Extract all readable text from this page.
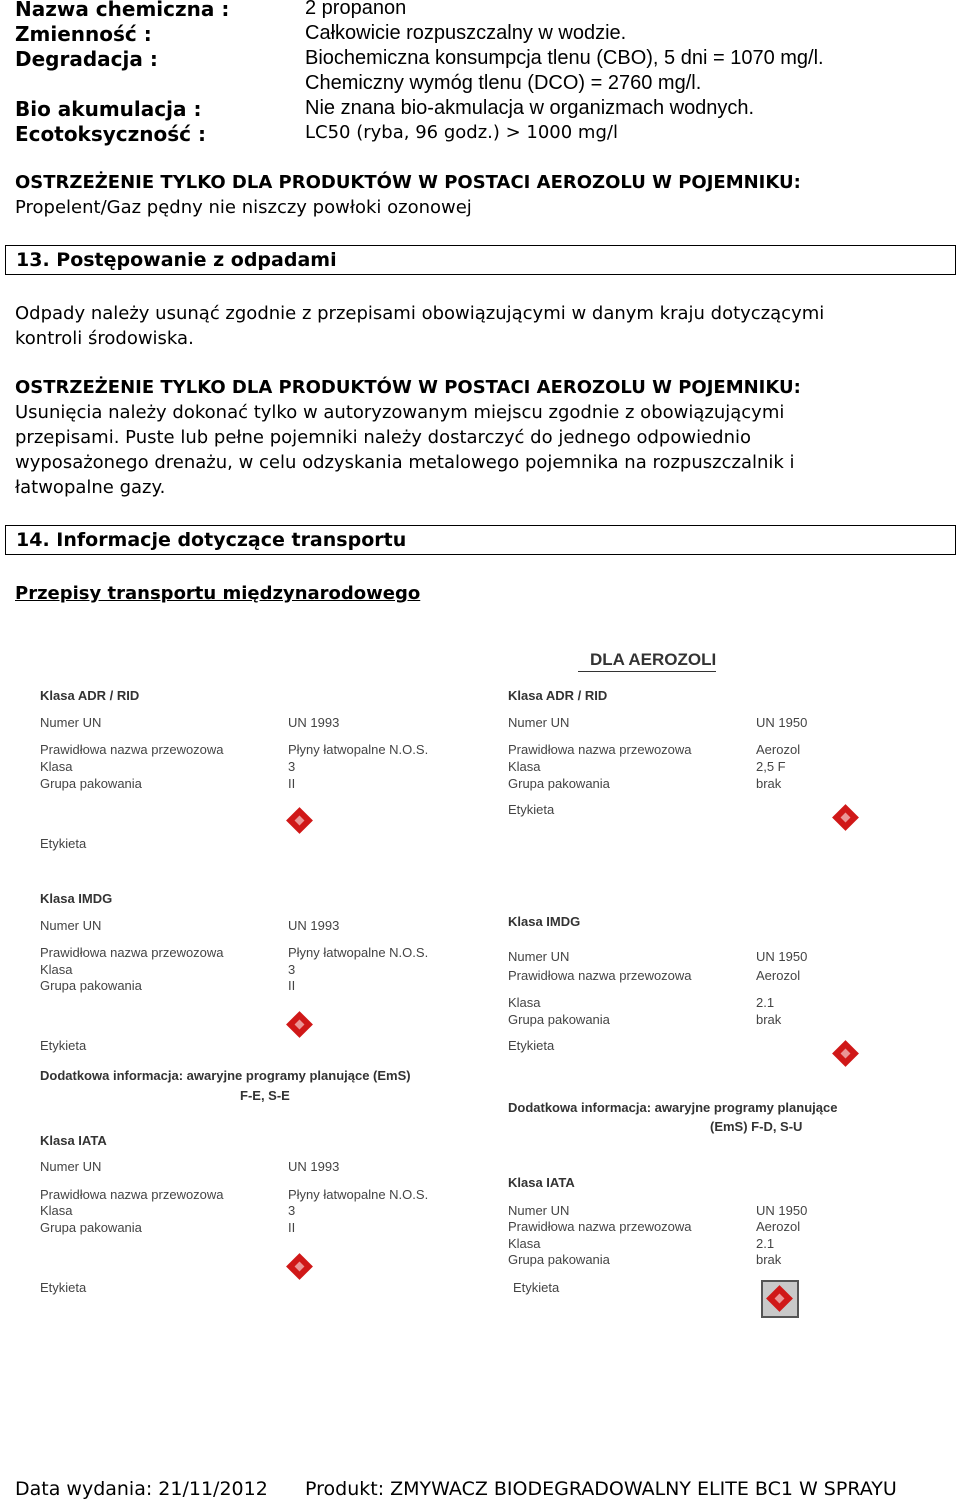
Nazwa chemiczna :	2 propanon
Zmienność :	Całkowicie rozpuszczalny w wodzie.
Degradacja :	Biochemiczna konsumpcja tlenu (CBO), 5 dni = 1070 mg/l.
Chemiczny wymóg tlenu (DCO) = 2760 mg/l.
Bio akumulacja :	Nie znana bio-akmulacja w organizmach wodnych.
Ecotoksyczność :	LC50 (ryba, 96 godz.) > 1000 mg/l
OSTRZEŻENIE TYLKO DLA PRODUKTÓW W POSTACI AEROZOLU W POJEMNIKU:
Propelent/Gaz pędny nie niszczy powłoki ozonowej
13. Postępowanie z odpadami
Odpady należy usunąć zgodnie z przepisami obowiązującymi w danym kraju dotyczącymi
kontroli środowiska.
OSTRZEŻENIE TYLKO DLA PRODUKTÓW W POSTACI AEROZOLU W POJEMNIKU:
Usunięcia należy dokonać tylko w autoryzowanym miejscu zgodnie z obowiązującymi
przepisami. Puste lub pełne pojemniki należy dostarczyć do jednego odpowiednio
wyposażonego drenażu, w celu odzyskania metalowego pojemnika na rozpuszczalnik i
łatwopalne gazy.
14. Informacje dotyczące transportu
Przepisy transportu międzynarodowego
DLA AEROZOLI
Klasa ADR / RID
Numer UN	UN 1993
Prawidłowa nazwa przewozowa	Płyny łatwopalne N.O.S.
Klasa	3
Grupa pakowania	II
Etykieta
Klasa ADR / RID
Numer UN	UN 1950
Prawidłowa nazwa przewozowa	Aerozol
Klasa	2,5 F
Grupa pakowania	brak
Etykieta
Klasa IMDG
Numer UN	UN 1993
Prawidłowa nazwa przewozowa	Płyny łatwopalne N.O.S.
Klasa	3
Grupa pakowania	II
Etykieta
Dodatkowa informacja: awaryjne programy planujące (EmS)
F-E, S-E
Klasa IMDG
Numer UN	UN 1950
Prawidłowa nazwa przewozowa	Aerozol
Klasa	2.1
Grupa pakowania	brak
Etykieta
Dodatkowa informacja: awaryjne programy planujące
(EmS) F-D, S-U
Klasa IATA
Numer UN	UN 1993
Prawidłowa nazwa przewozowa	Płyny łatwopalne N.O.S.
Klasa	3
Grupa pakowania	II
Etykieta
Klasa IATA
Numer UN	UN 1950
Prawidłowa nazwa przewozowa	Aerozol
Klasa	2.1
Grupa pakowania	brak
Etykieta
Data wydania: 21/11/2012 Produkt: ZMYWACZ BIODEGRADOWALNY ELITE BC1 W SPRAYU
